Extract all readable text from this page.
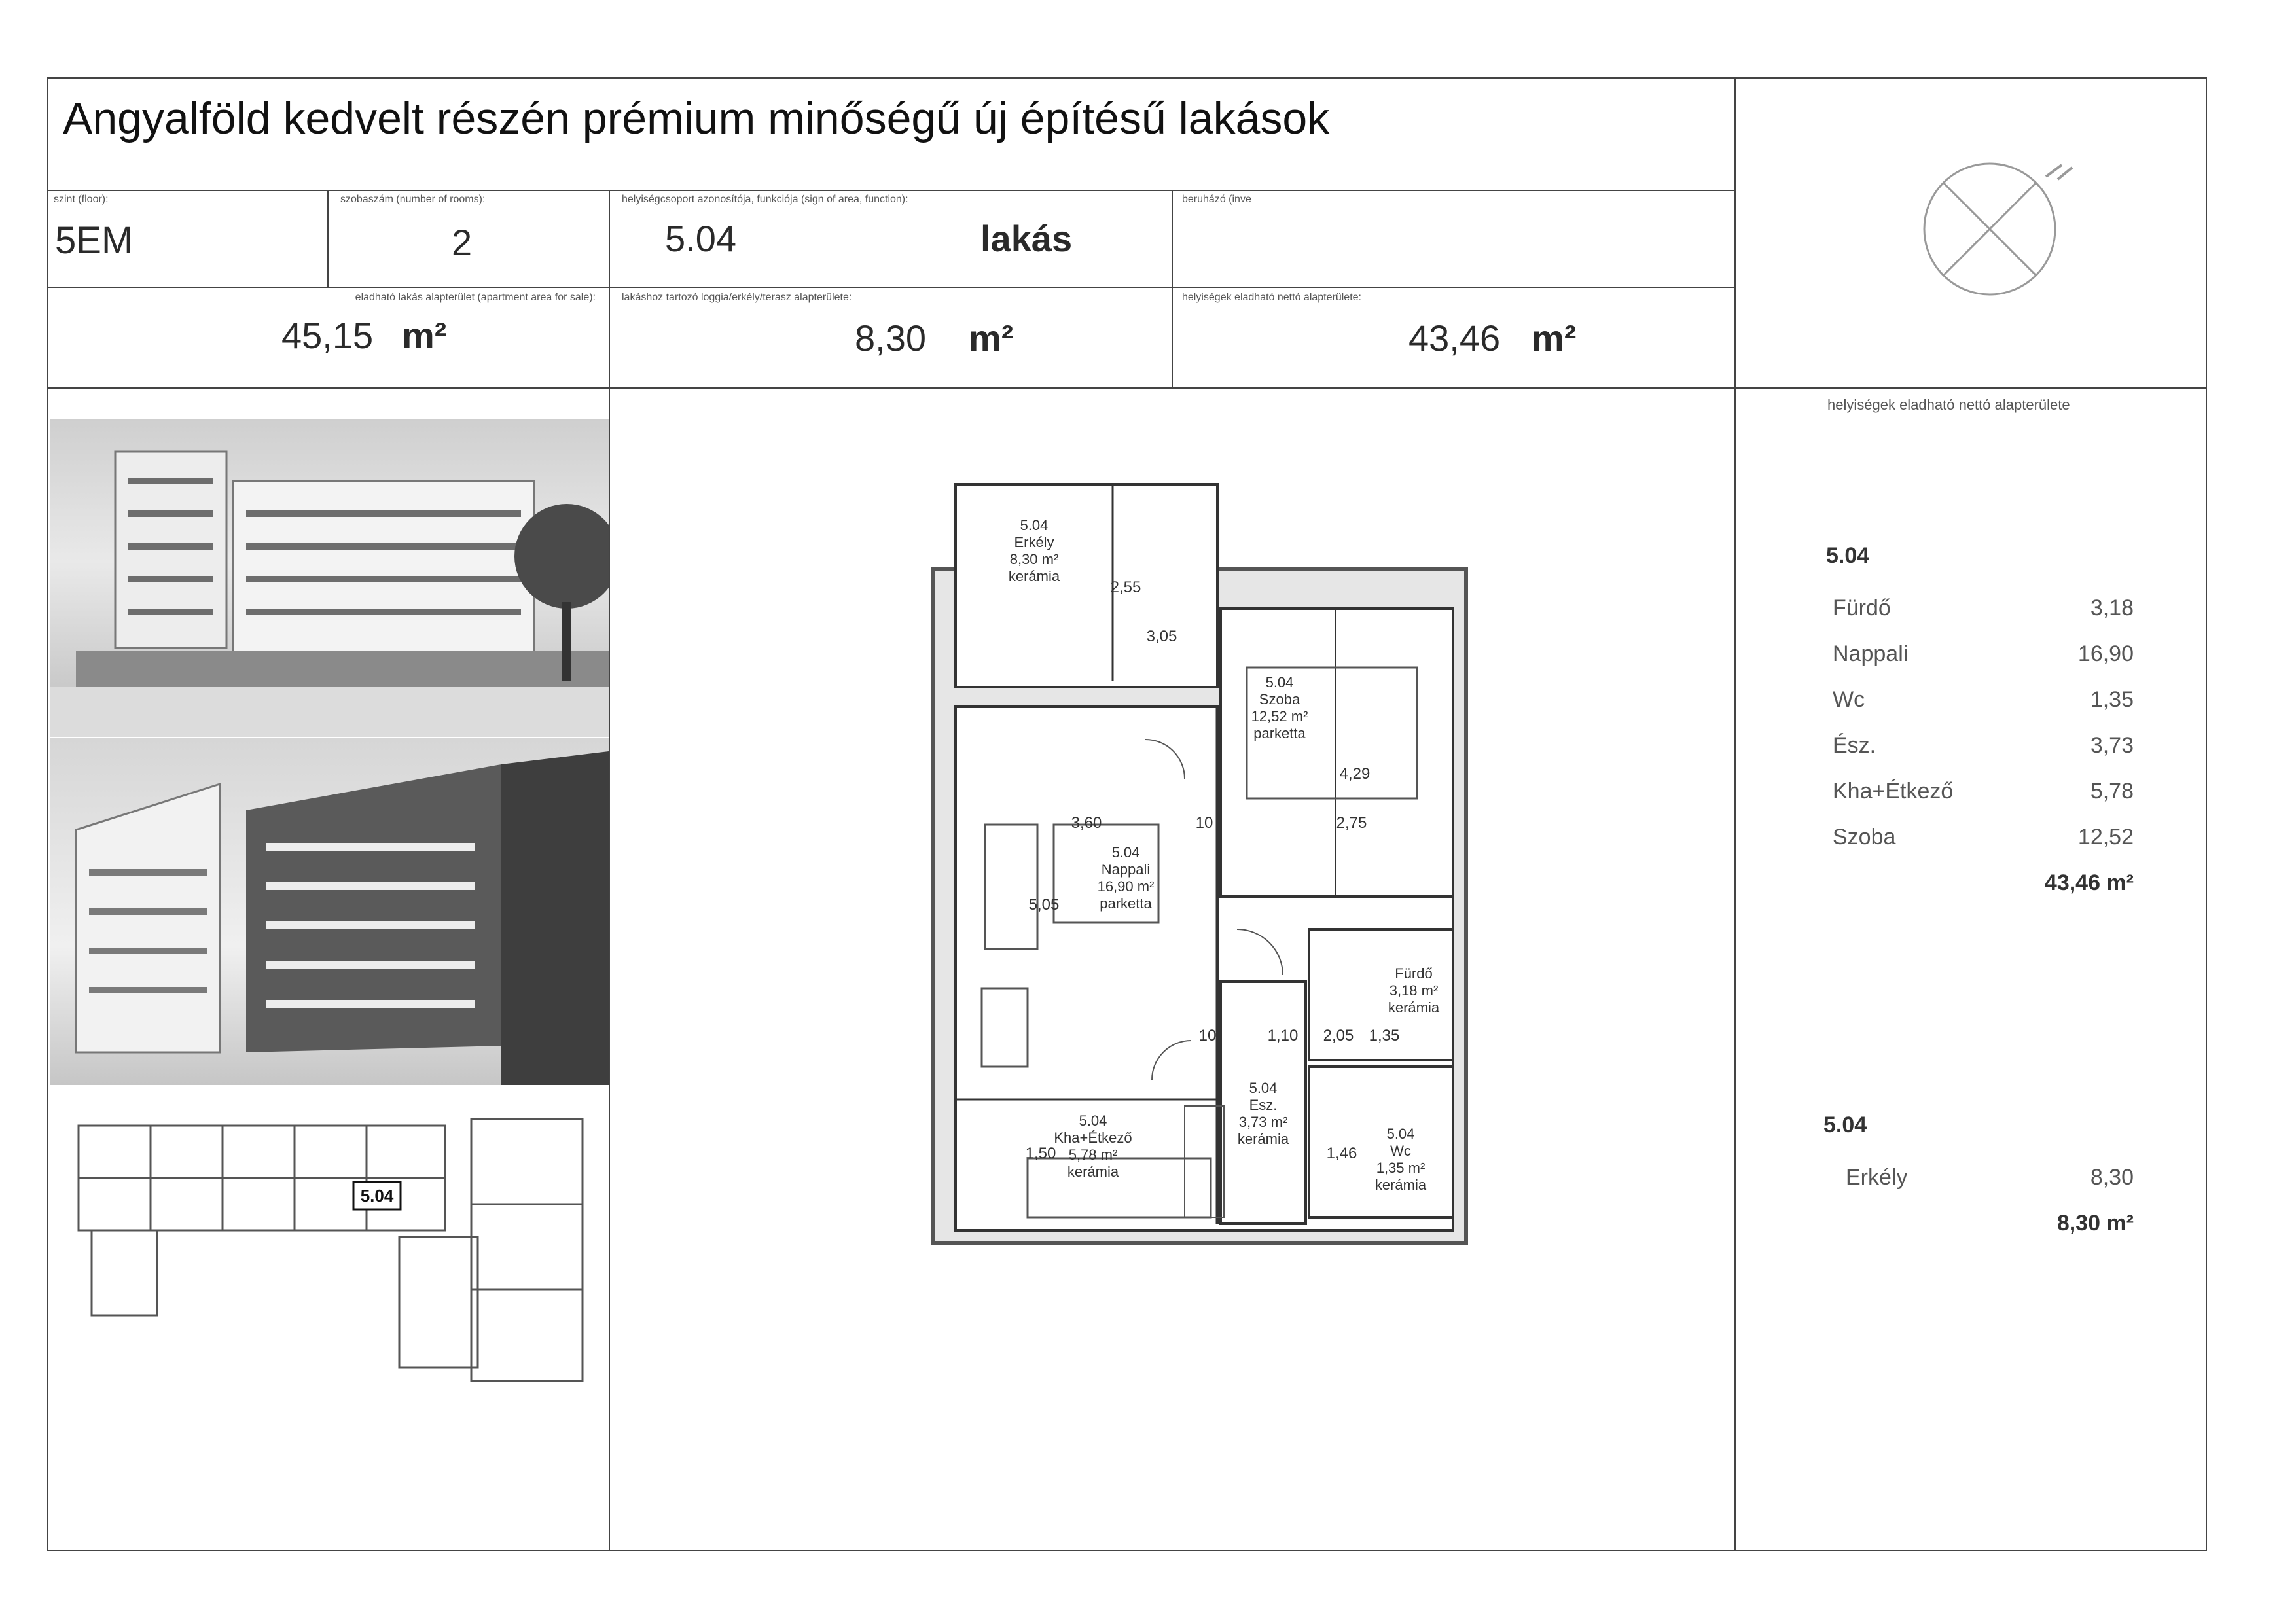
Angyalföld kedvelt részén prémium minőségű új építésű lakások
szint (floor):
5EM
szobaszám (number of rooms):
2
helyiségcsoport azonosítója, funkciója (sign of area, function):
5.04	lakás
beruházó (inve
eladható lakás alapterület (apartment area for sale):
45,15 m²
lakáshoz tartozó loggia/erkély/terasz alapterülete:
8,30 m²
helyiségek eladható nettó alapterülete:
43,46 m²
5.04
5.04
Erkély
8,30 m²
kerámia
5.04
Szoba
12,52 m²
parketta
5.04
Nappali
16,90 m²
parketta
Fürdő
3,18 m²
kerámia
5.04
Esz.
3,73 m²
kerámia
5.04
Kha+Étkező
5,78 m²
kerámia
5.04
Wc
1,35 m²
kerámia
2,55
3,05
4,29
2,75
3,60	10
5,05
1,10
10	2,05 1,35
1,50	1,46
helyiségek eladható nettó alapterülete
5.04
Fürdő	3,18
Nappali	16,90
Wc	1,35
Ész.	3,73
Kha+Étkező	5,78
Szoba	12,52
43,46 m²
5.04
Erkély	8,30
8,30 m²
